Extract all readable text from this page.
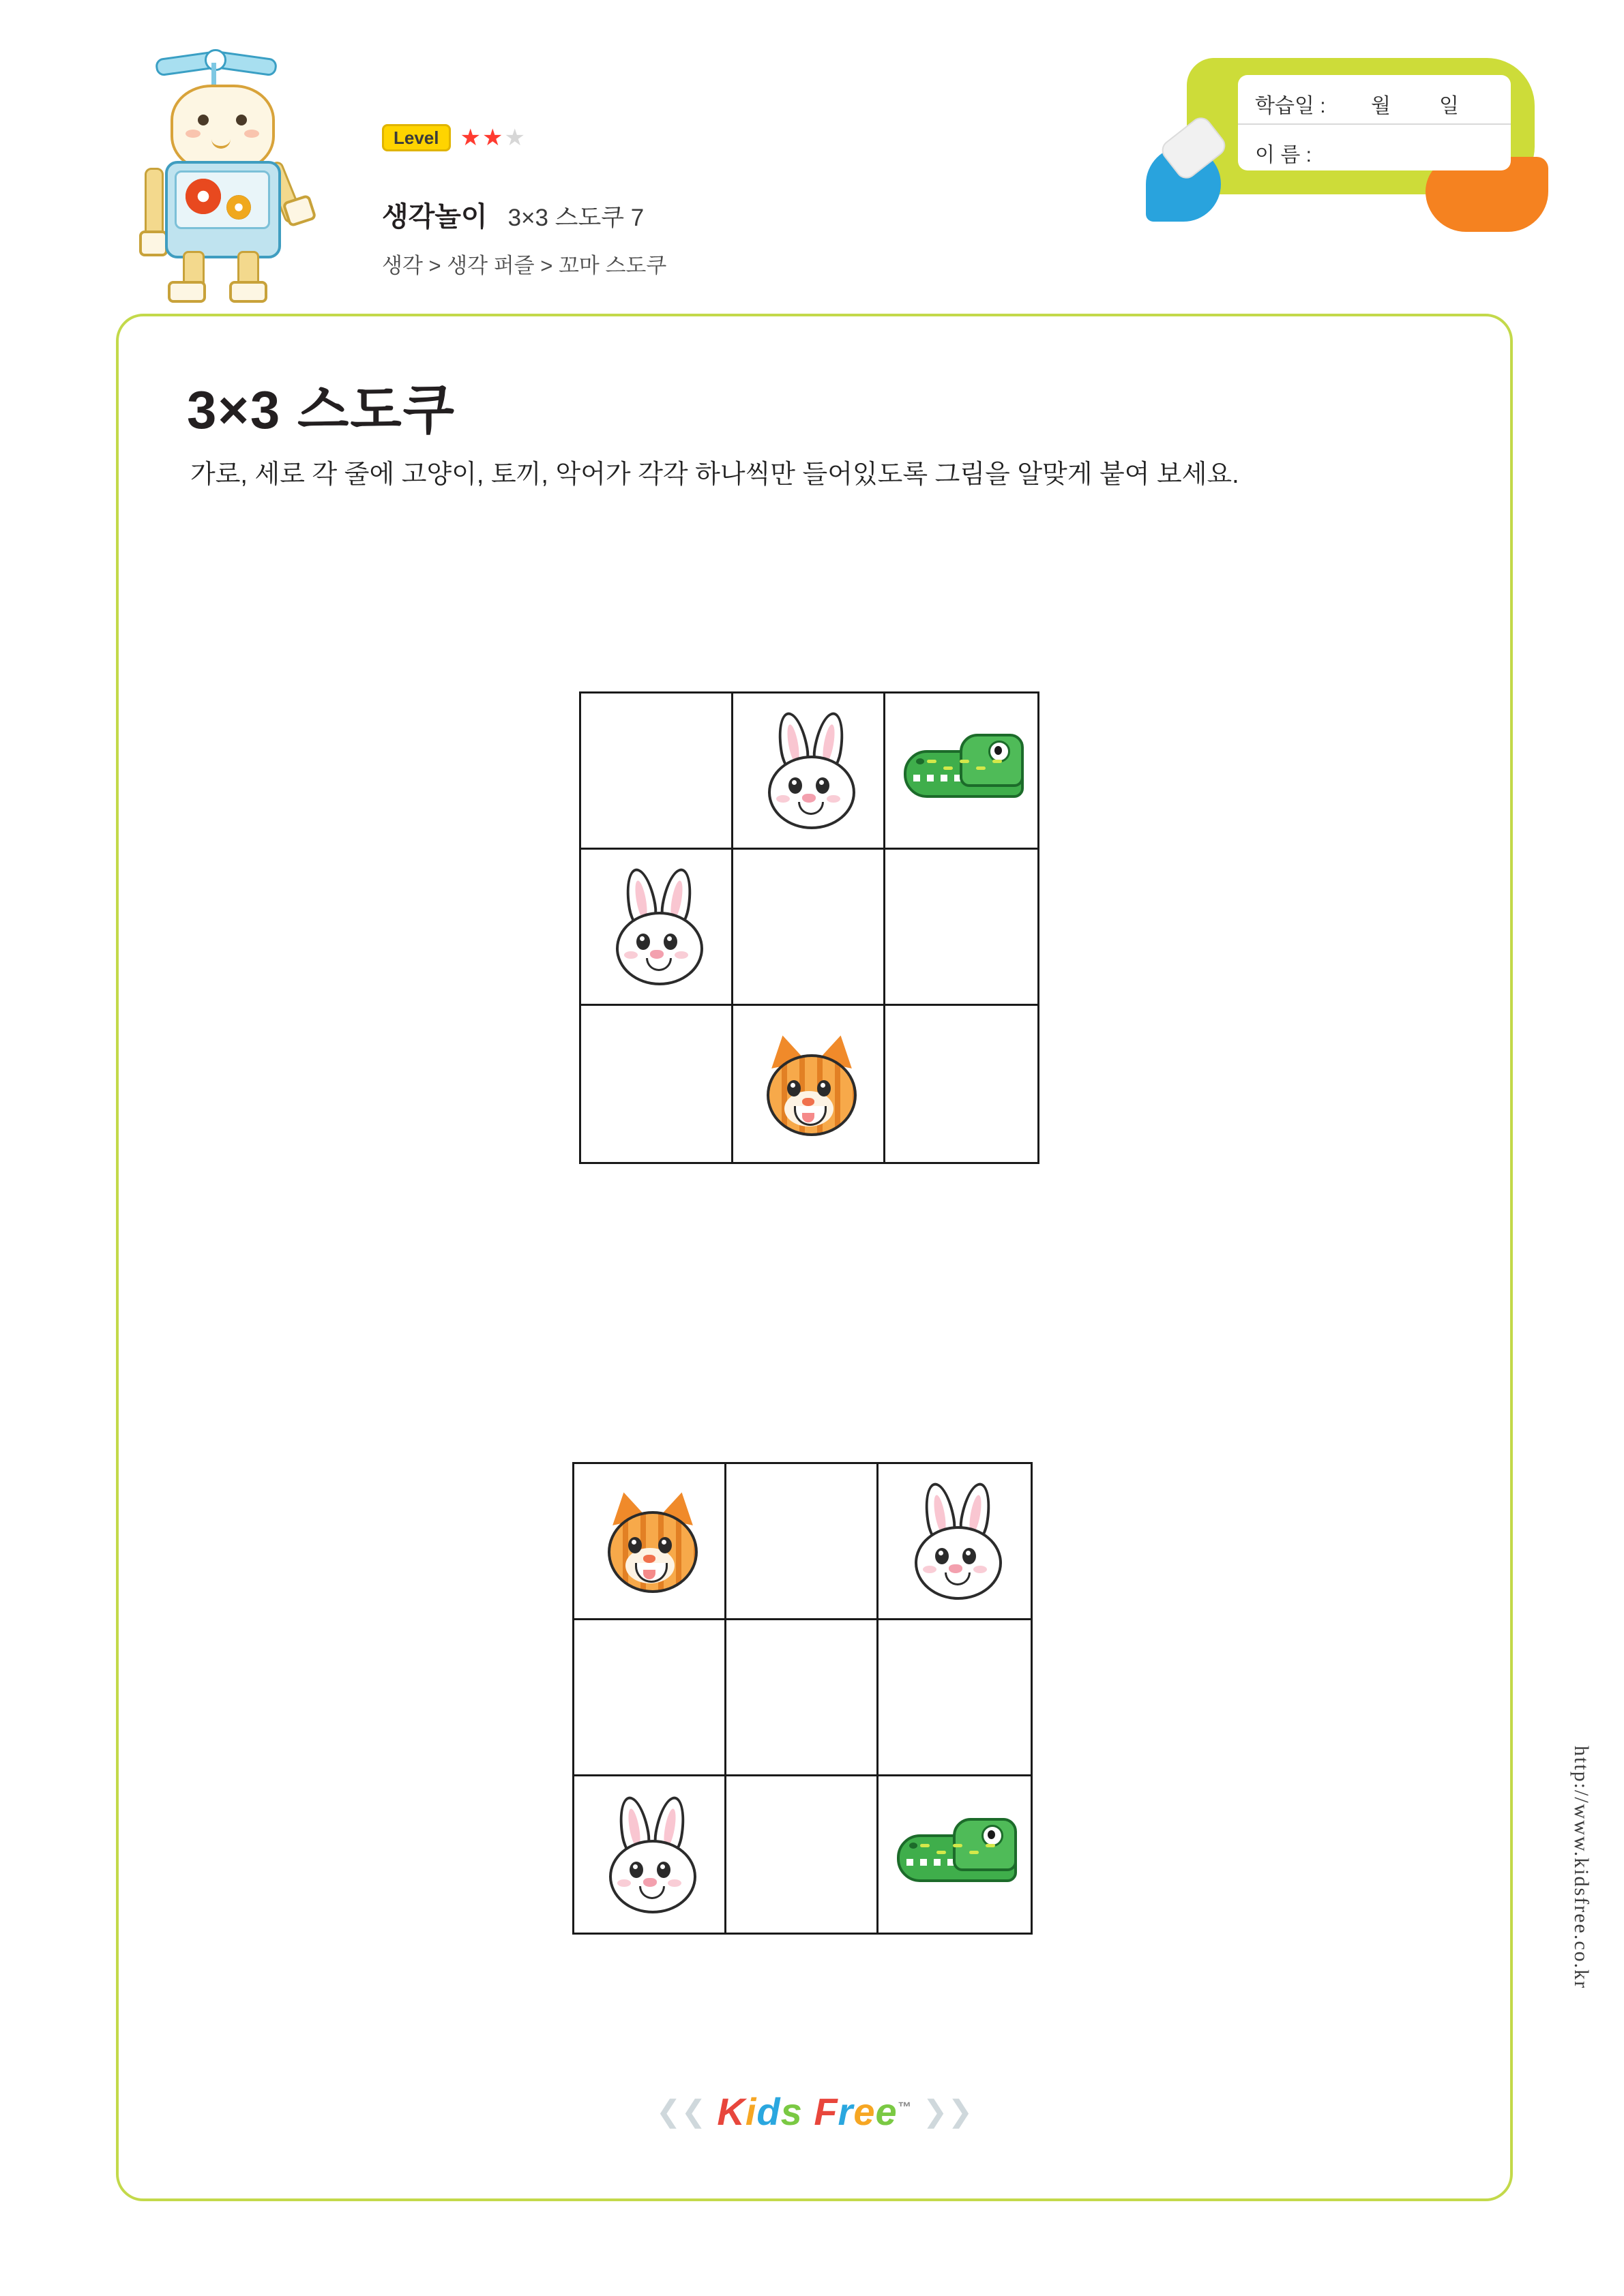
Level ★★★
생각놀이 3×3 스도쿠 7
생각 > 생각 퍼즐 > 꼬마 스도쿠
학습일 : 월 일
이 름 :
3×3 스도쿠
가로, 세로 각 줄에 고양이, 토끼, 악어가 각각 하나씩만 들어있도록 그림을 알맞게 붙여 보세요.
❮❮ Kids Free™ ❯❯
http://www.kidsfree.co.kr
